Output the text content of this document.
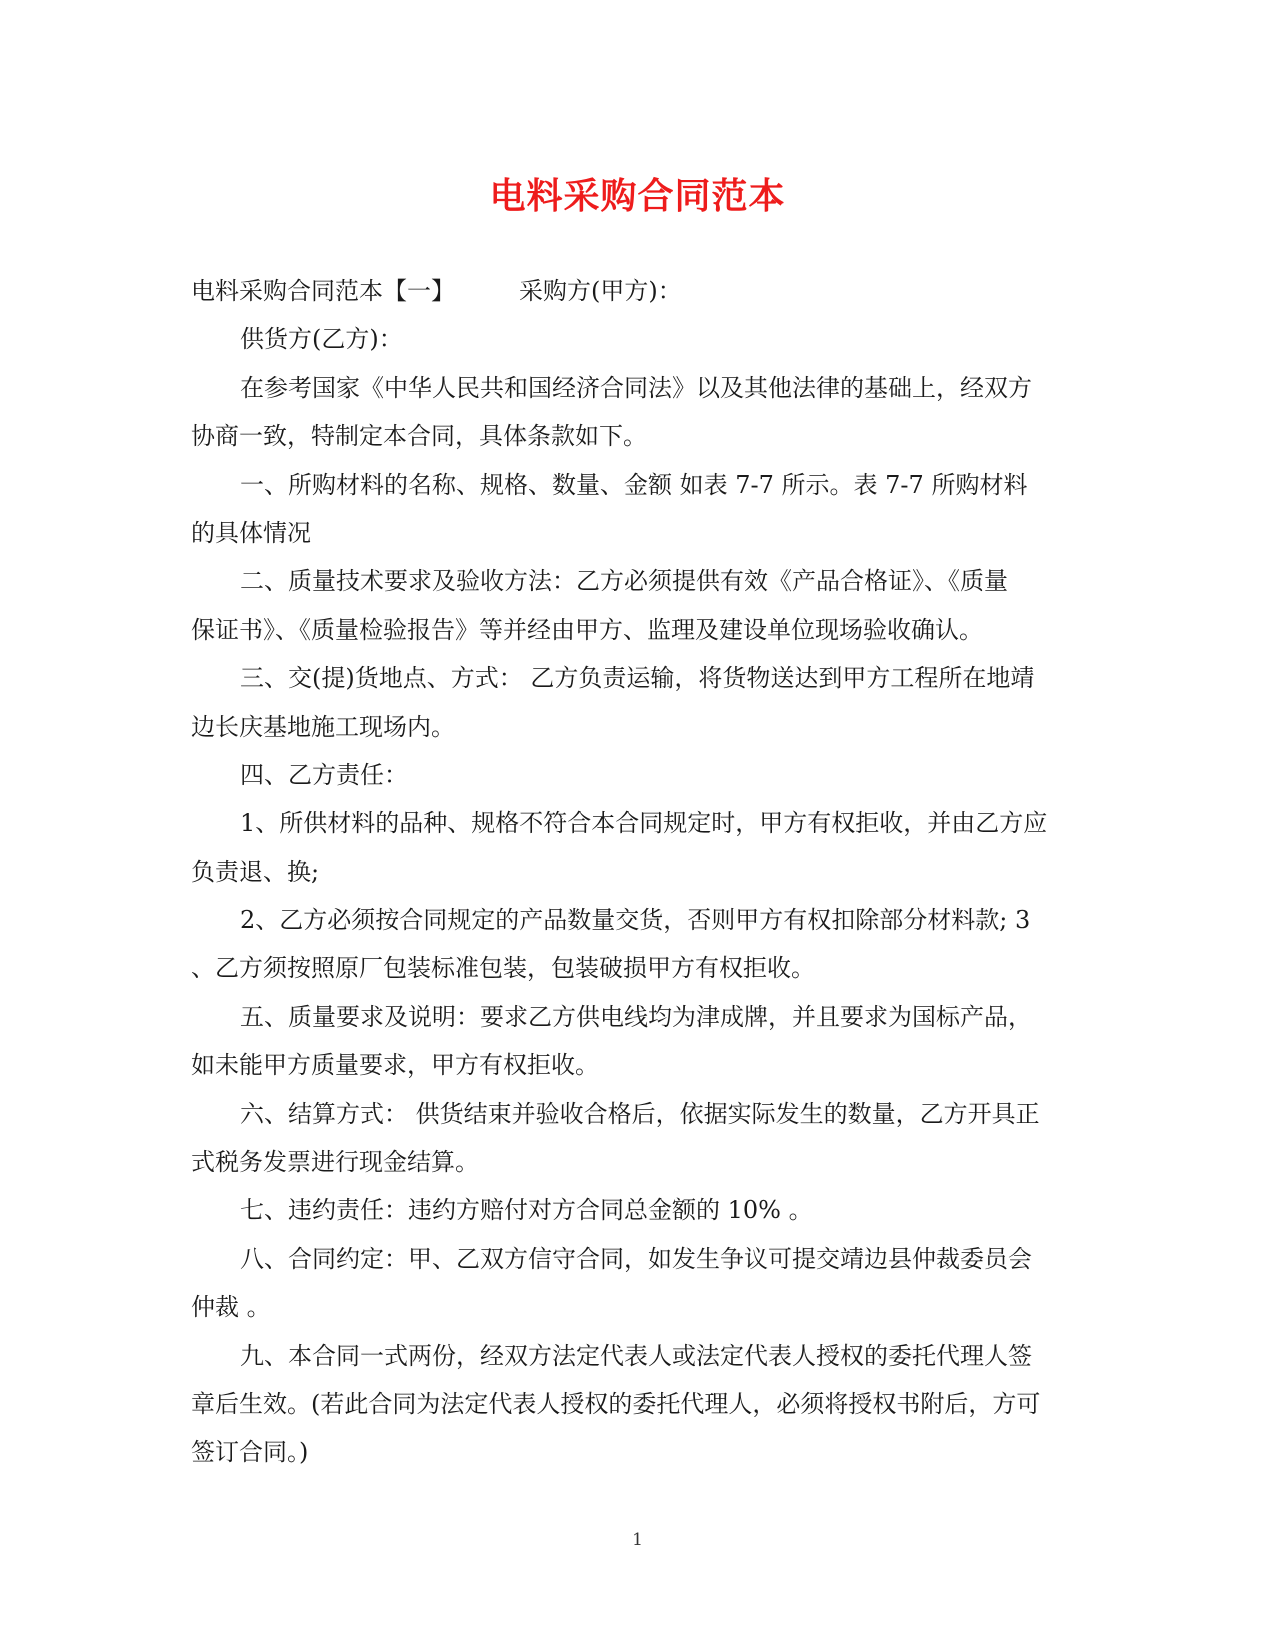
电料采购合同范本
电料采购合同范本【一】	采购方(甲方)：
供货方(乙方)：
在参考国家《中华人民共和国经济合同法》以及其他法律的基础上，经双方
协商一致，特制定本合同，具体条款如下。
一、所购材料的名称、规格、数量、金额 如表 7-7 所示。表 7-7 所购材料
的具体情况
二、质量技术要求及验收方法：乙方必须提供有效《产品合格证》、《质量
保证书》、《质量检验报告》等并经由甲方、监理及建设单位现场验收确认。
三、交(提)货地点、方式： 乙方负责运输，将货物送达到甲方工程所在地靖
边长庆基地施工现场内。
四、乙方责任：
1、所供材料的品种、规格不符合本合同规定时，甲方有权拒收，并由乙方应
负责退、换;
2、乙方必须按合同规定的产品数量交货，否则甲方有权扣除部分材料款; 3
、乙方须按照原厂包装标准包装，包装破损甲方有权拒收。
五、质量要求及说明：要求乙方供电线均为津成牌，并且要求为国标产品，
如未能甲方质量要求，甲方有权拒收。
六、结算方式： 供货结束并验收合格后，依据实际发生的数量，乙方开具正
式税务发票进行现金结算。
七、违约责任：违约方赔付对方合同总金额的 10% 。
八、合同约定：甲、乙双方信守合同，如发生争议可提交靖边县仲裁委员会
仲裁 。
九、本合同一式两份，经双方法定代表人或法定代表人授权的委托代理人签
章后生效。(若此合同为法定代表人授权的委托代理人，必须将授权书附后，方可
签订合同。)
1
